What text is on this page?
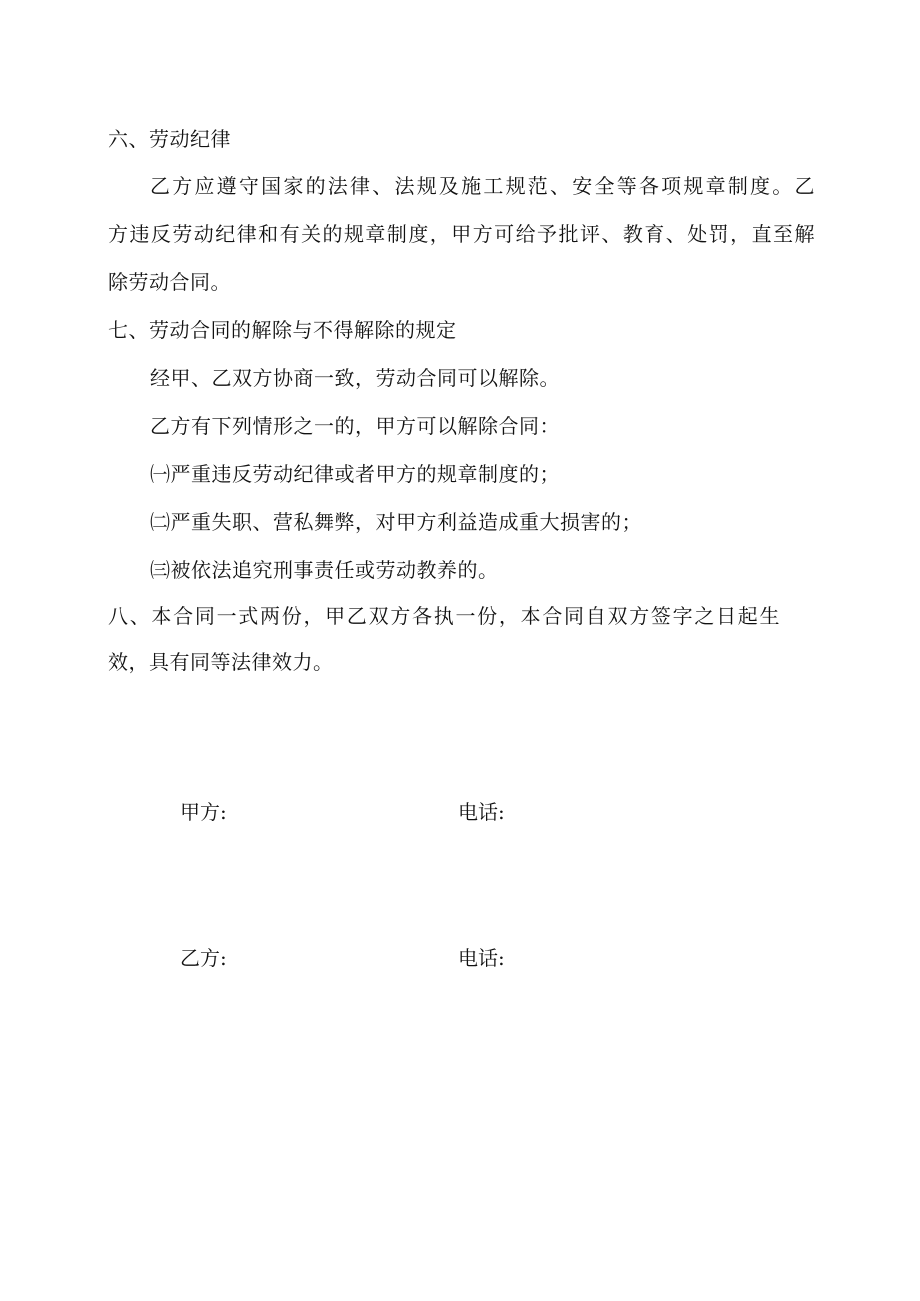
六、劳动纪律
乙方应遵守国家的法律、法规及施工规范、安全等各项规章制度。乙
方违反劳动纪律和有关的规章制度，甲方可给予批评、教育、处罚，直至解
除劳动合同。
七、劳动合同的解除与不得解除的规定
经甲、乙双方协商一致，劳动合同可以解除。
乙方有下列情形之一的，甲方可以解除合同：
㈠严重违反劳动纪律或者甲方的规章制度的；
㈡严重失职、营私舞弊，对甲方利益造成重大损害的；
㈢被依法追究刑事责任或劳动教养的。
八、本合同一式两份，甲乙双方各执一份，本合同自双方签字之日起生
效，具有同等法律效力。
甲方:	电话:
乙方:	电话:
